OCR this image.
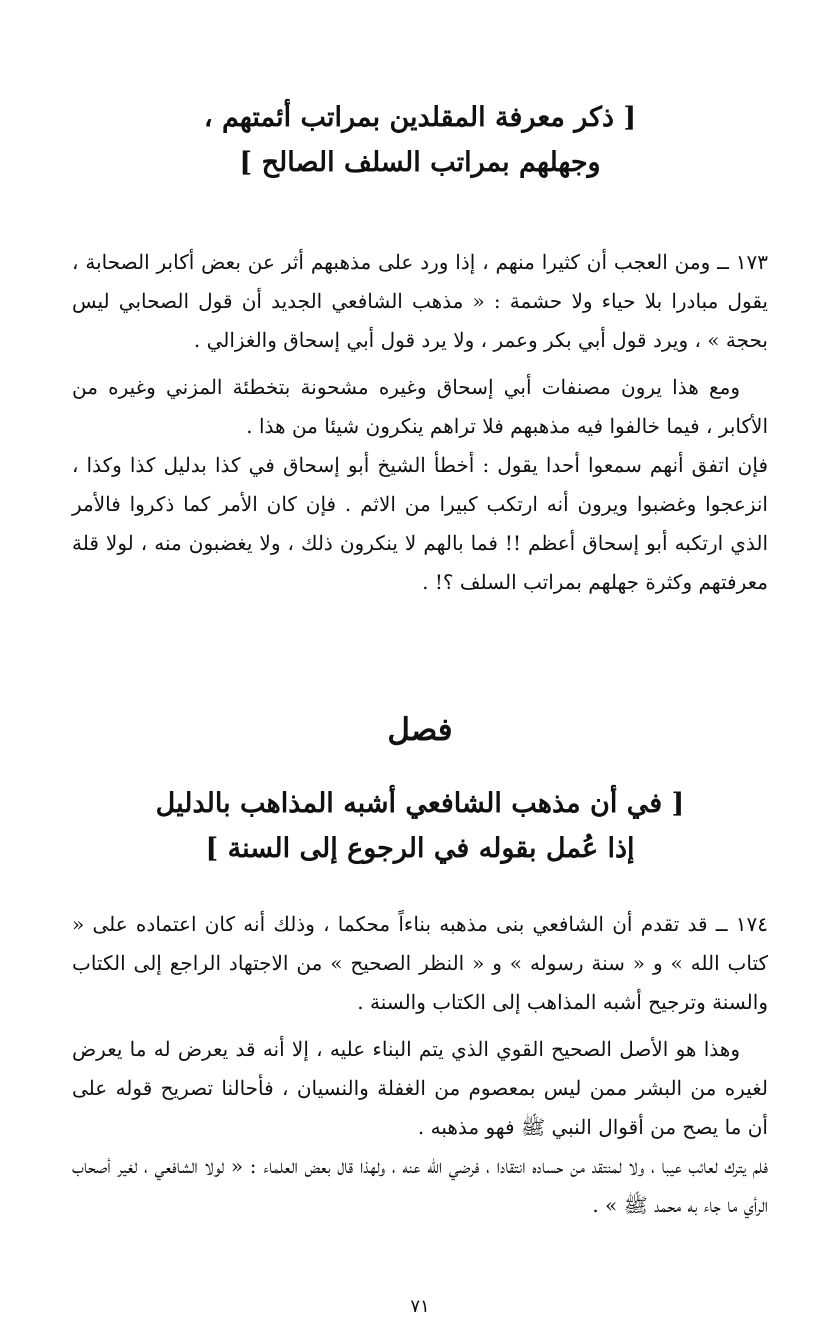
[ ذكر معرفة المقلدين بمراتب أئمتهم ،

وجهلهم بمراتب السلف الصالح ]

١٧٣ ــ ومن العجب أن كثيرا منهم ، إذا ورد على مذهبهم أثر عن بعض أكابر الصحابة ، يقول مبادرا بلا حياء ولا حشمة : « مذهب الشافعي الجديد أن قول الصحابي ليس بحجة » ، ويرد قول أبي بكر وعمر ، ولا يرد قول أبي إسحاق والغزالي .

ومع هذا يرون مصنفات أبي إسحاق وغيره مشحونة بتخطئة المزني وغيره من الأكابر ، فيما خالفوا فيه مذهبهم فلا تراهم ينكرون شيئا من هذا .

فإن اتفق أنهم سمعوا أحدا يقول : أخطأ الشيخ أبو إسحاق في كذا بدليل كذا وكذا ، انزعجوا وغضبوا ويرون أنه ارتكب كبيرا من الاثم . فإن كان الأمر كما ذكروا فالأمر الذي ارتكبه أبو إسحاق أعظم !! فما بالهم لا ينكرون ذلك ، ولا يغضبون منه ، لولا قلة معرفتهم وكثرة جهلهم بمراتب السلف ؟! .

فصل

[ في أن مذهب الشافعي أشبه المذاهب بالدليل

إذا عُمل بقوله في الرجوع إلى السنة ]

١٧٤ ــ قد تقدم أن الشافعي بنى مذهبه بناءاً محكما ، وذلك أنه كان اعتماده على « كتاب الله » و « سنة رسوله » و « النظر الصحيح » من الاجتهاد الراجع إلى الكتاب والسنة وترجيح أشبه المذاهب إلى الكتاب والسنة .

وهذا هو الأصل الصحيح القوي الذي يتم البناء عليه ، إلا أنه قد يعرض له ما يعرض لغيره من البشر ممن ليس بمعصوم من الغفلة والنسيان ، فأحالنا تصريح قوله على أن ما يصح من أقوال النبي ﷺ فهو مذهبه .

فلم يترك لعائب عيبا ، ولا لمنتقد من حساده انتقادا ، فرضي الله عنه ، ولهذا قال بعض العلماء : « لولا الشافعي ، لغير أصحاب الرأي ما جاء به محمد ﷺ » .

٧١
